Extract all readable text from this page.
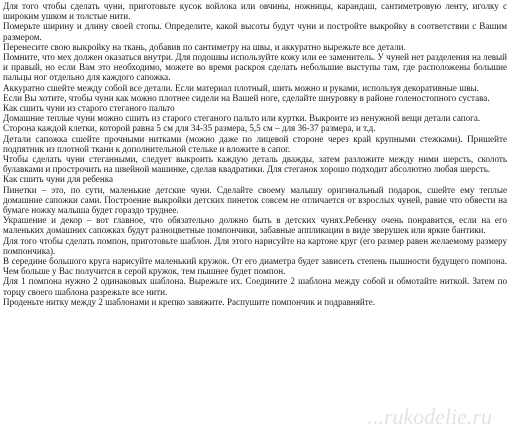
Для того чтобы сделать чуни, приготовьте кусок войлока или овчины, ножницы, карандаш, сантиметровую ленту, иголку с широким ушком и толстые нити.

Померьте ширину и длину своей стопы. Определите, какой высоты будут чуни и постройте выкройку в соответствии с Вашим размером.

Перенесите свою выкройку на ткань, добавив по сантиметру на швы, и аккуратно вырежьте все детали.

Помните, что мех должен оказаться внутри. Для подошвы используйте кожу или ее заменитель. У чуней нет разделения на левый и правый, но если Вам это необходимо, можете во время раскроя сделать небольшие выступы там, где расположены большие пальцы ног отдельно для каждого сапожка.

Аккуратно сшейте между собой все детали. Если материал плотный, шить можно и руками, используя декоративные швы.

Если Вы хотите, чтобы чуни как можно плотнее сидели на Вашей ноге, сделайте шнуровку в районе голеностопного сустава.

Как сшить чуни из старого стеганого пальто

Домашние теплые чуни можно сшить из старого стеганого пальто или куртки. Выкроите из ненужной вещи детали сапога.

Сторона каждой клетки, которой равна 5 см для 34-35 размера, 5,5 см – для 36-37 размера, и т.д.

Детали сапожка сшейте прочными нитками (можно даже по лицевой стороне через край крупными стежками). Пришейте подпятник из плотной ткани к дополнительной стельке и вложите в сапог.

Чтобы сделать чуни стеганными, следует выкроить каждую деталь дважды, затем разложите между ними шерсть, сколоть булавками и прострочить на швейной машинке, сделав квадратики. Для стеганок хорошо подходит абсолютно любая шерсть.

Как сшить чуни для ребенка

Пинетки – это, по сути, маленькие детские чуни. Сделайте своему малышу оригинальный подарок, сшейте ему теплые домашние сапожки сами. Построение выкройки детских пинеток совсем не отличается от взрослых чуней, равие что обвести на бумаге ножку малыша будет гораздо труднее.

Украшение и декор – вот главное, что обязательно должно быть в детских чунях.Ребенку очень понравится, если на его маленьких домашних сапожках будут разноцветные помпончики, забавные аппликации в виде зверушек или яркие бантики.

Для того чтобы сделать помпон, приготовьте шаблон. Для этого нарисуйте на картоне круг (его размер равен желаемому размеру помпончика).

В середине большого круга нарисуйте маленький кружок. От его диаметра будет зависеть степень пышности будущего помпона. Чем больше у Вас получится в серой кружок, тем пышнее будет помпон.

Для 1 помпона нужно 2 одинаковых шаблона. Вырежьте их. Соедините 2 шаблона между собой и обмотайте ниткой. Затем по торцу своего шаблона разрежьте все нити.

Проденьте нитку между 2 шаблонами и крепко завяжите. Распушите помпончик и подравняйте.

...rukodelie.ru
